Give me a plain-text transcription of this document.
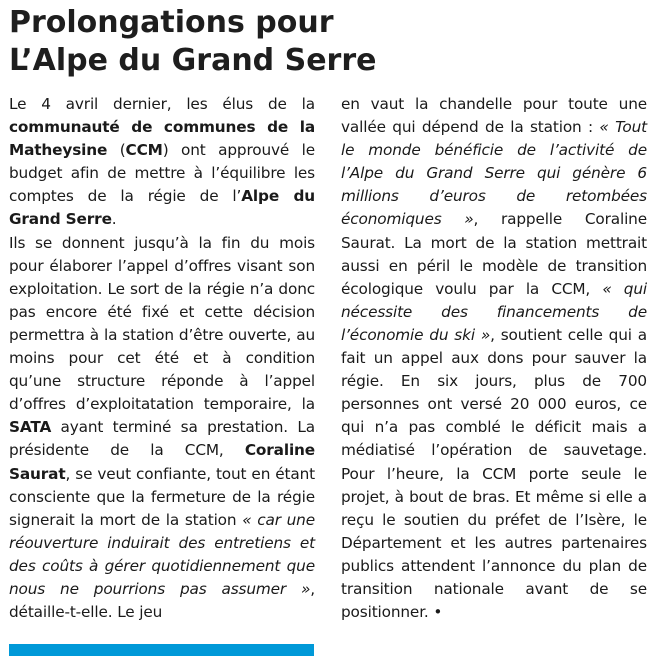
Prolongations pour
L’Alpe du Grand Serre

Le 4 avril dernier, les élus de la communauté de communes de la Matheysine (CCM) ont approuvé le budget afin de mettre à l’équilibre les comptes de la régie de l’Alpe du Grand Serre.

Ils se donnent jusqu’à la fin du mois pour élaborer l’appel d’offres visant son exploitation. Le sort de la régie n’a donc pas encore été fixé et cette décision permettra à la station d’être ouverte, au moins pour cet été et à condition qu’une structure réponde à l’appel d’offres d’exploitatation temporaire, la SATA ayant terminé sa prestation. La présidente de la CCM, Coraline Saurat, se veut confiante, tout en étant consciente que la fermeture de la régie signerait la mort de la station « car une réouverture induirait des entretiens et des coûts à gérer quotidiennement que nous ne pourrions pas assumer », détaille-t-elle. Le jeu

en vaut la chandelle pour toute une vallée qui dépend de la station : « Tout le monde bénéficie de l’activité de l’Alpe du Grand Serre qui génère 6 millions d’euros de retombées économiques », rappelle Coraline Saurat. La mort de la station mettrait aussi en péril le modèle de transition écologique voulu par la CCM, « qui nécessite des financements de l’économie du ski », soutient celle qui a fait un appel aux dons pour sauver la régie. En six jours, plus de 700 personnes ont versé 20 000 euros, ce qui n’a pas comblé le déficit mais a médiatisé l’opération de sauvetage. Pour l’heure, la CCM porte seule le projet, à bout de bras. Et même si elle a reçu le soutien du préfet de l’Isère, le Département et les autres partenaires publics attendent l’annonce du plan de transition nationale avant de se positionner. •
